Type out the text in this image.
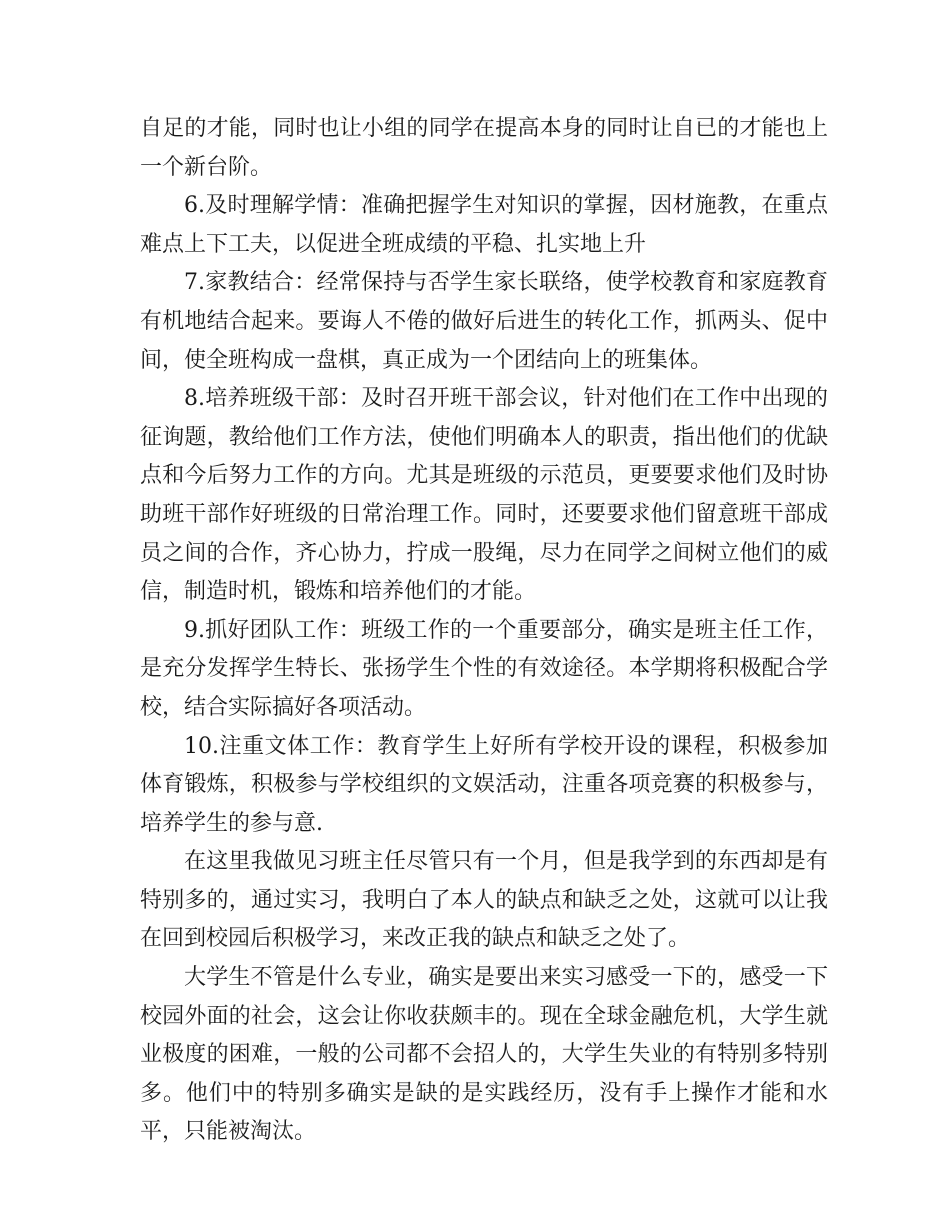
自足的才能，同时也让小组的同学在提高本身的同时让自已的才能也上一个新台阶。

6.及时理解学情：准确把握学生对知识的掌握，因材施教，在重点难点上下工夫，以促进全班成绩的平稳、扎实地上升

7.家教结合：经常保持与否学生家长联络，使学校教育和家庭教育有机地结合起来。要诲人不倦的做好后进生的转化工作，抓两头、促中间，使全班构成一盘棋，真正成为一个团结向上的班集体。

8.培养班级干部：及时召开班干部会议，针对他们在工作中出现的征询题，教给他们工作方法，使他们明确本人的职责，指出他们的优缺点和今后努力工作的方向。尤其是班级的示范员，更要要求他们及时协助班干部作好班级的日常治理工作。同时，还要要求他们留意班干部成员之间的合作，齐心协力，拧成一股绳，尽力在同学之间树立他们的威信，制造时机，锻炼和培养他们的才能。

9.抓好团队工作：班级工作的一个重要部分，确实是班主任工作，是充分发挥学生特长、张扬学生个性的有效途径。本学期将积极配合学校，结合实际搞好各项活动。

10.注重文体工作：教育学生上好所有学校开设的课程，积极参加体育锻炼，积极参与学校组织的文娱活动，注重各项竞赛的积极参与，培养学生的参与意.

在这里我做见习班主任尽管只有一个月，但是我学到的东西却是有特别多的，通过实习，我明白了本人的缺点和缺乏之处，这就可以让我在回到校园后积极学习，来改正我的缺点和缺乏之处了。

大学生不管是什么专业，确实是要出来实习感受一下的，感受一下校园外面的社会，这会让你收获颇丰的。现在全球金融危机，大学生就业极度的困难，一般的公司都不会招人的，大学生失业的有特别多特别多。他们中的特别多确实是缺的是实践经历，没有手上操作才能和水平，只能被淘汰。
